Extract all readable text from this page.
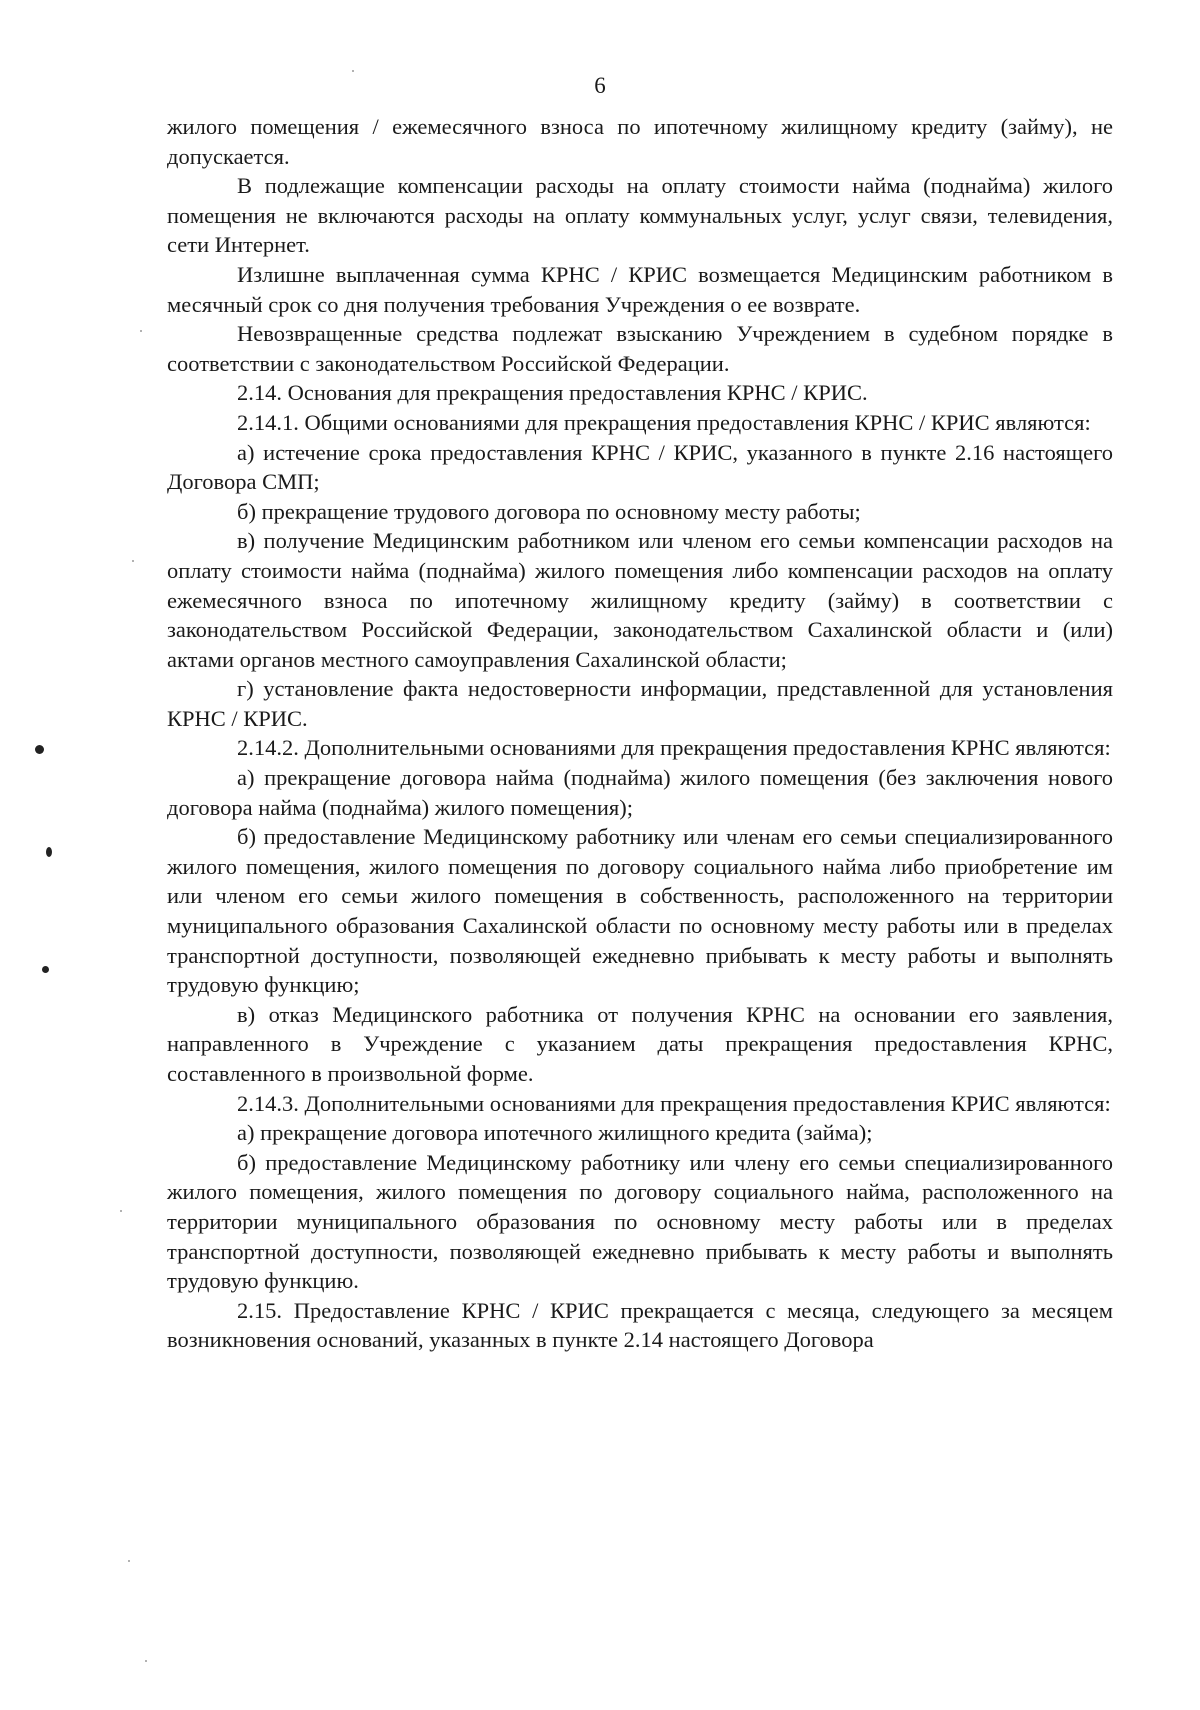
6

жилого помещения / ежемесячного взноса по ипотечному жилищному кредиту (займу), не допускается.

В подлежащие компенсации расходы на оплату стоимости найма (поднайма) жилого помещения не включаются расходы на оплату коммунальных услуг, услуг связи, телевидения, сети Интернет.

Излишне выплаченная сумма КРНС / КРИС возмещается Медицинским работником в месячный срок со дня получения требования Учреждения о ее возврате.

Невозвращенные средства подлежат взысканию Учреждением в судебном порядке в соответствии с законодательством Российской Федерации.

2.14. Основания для прекращения предоставления КРНС / КРИС.

2.14.1. Общими основаниями для прекращения предоставления КРНС / КРИС являются:

а) истечение срока предоставления КРНС / КРИС, указанного в пункте 2.16 настоящего Договора СМП;

б) прекращение трудового договора по основному месту работы;

в) получение Медицинским работником или членом его семьи компенсации расходов на оплату стоимости найма (поднайма) жилого помещения либо компенсации расходов на оплату ежемесячного взноса по ипотечному жилищному кредиту (займу) в соответствии с законодательством Российской Федерации, законодательством Сахалинской области и (или) актами органов местного самоуправления Сахалинской области;

г) установление факта недостоверности информации, представленной для установления КРНС / КРИС.

2.14.2. Дополнительными основаниями для прекращения предоставления КРНС являются:

а) прекращение договора найма (поднайма) жилого помещения (без заключения нового договора найма (поднайма) жилого помещения);

б) предоставление Медицинскому работнику или членам его семьи специализированного жилого помещения, жилого помещения по договору социального найма либо приобретение им или членом его семьи жилого помещения в собственность, расположенного на территории муниципального образования Сахалинской области по основному месту работы или в пределах транспортной доступности, позволяющей ежедневно прибывать к месту работы и выполнять трудовую функцию;

в) отказ Медицинского работника от получения КРНС на основании его заявления, направленного в Учреждение с указанием даты прекращения предоставления КРНС, составленного в произвольной форме.

2.14.3. Дополнительными основаниями для прекращения предоставления КРИС являются:

а) прекращение договора ипотечного жилищного кредита (займа);

б) предоставление Медицинскому работнику или члену его семьи специализированного жилого помещения, жилого помещения по договору социального найма, расположенного на территории муниципального образования по основному месту работы или в пределах транспортной доступности, позволяющей ежедневно прибывать к месту работы и выполнять трудовую функцию.

2.15. Предоставление КРНС / КРИС прекращается с месяца, следующего за месяцем возникновения оснований, указанных в пункте 2.14 настоящего Договора
